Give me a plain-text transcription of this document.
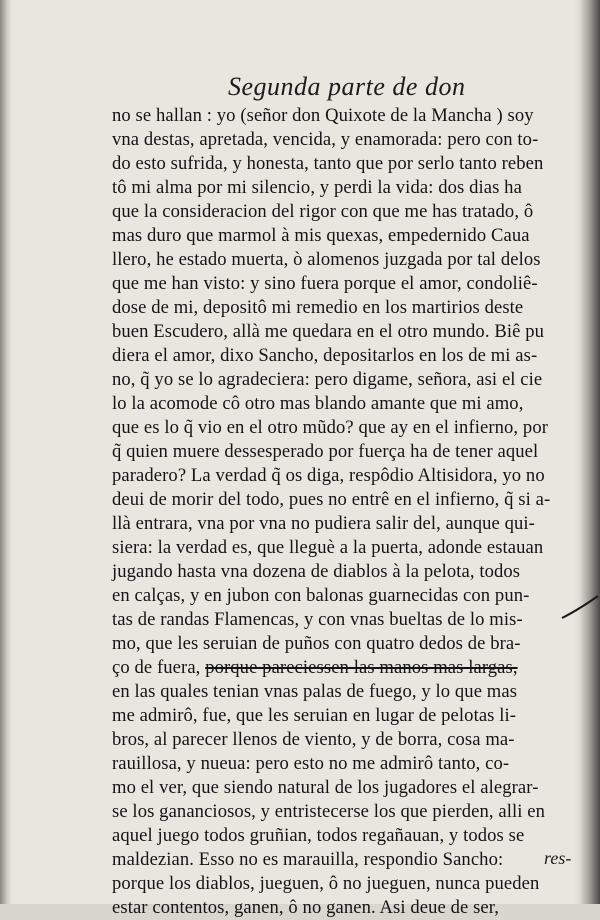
Segunda parte de don
no se hallan : yo (señor don Quixote de la Mancha ) soy
vna destas, apretada, vencida, y enamorada: pero con to-
do esto sufrida, y honesta, tanto que por serlo tanto reben
tô mi alma por mi silencio, y perdi la vida: dos dias ha
que la consideracion del rigor con que me has tratado, ô
mas duro que marmol à mis quexas, empedernido Caua
llero, he estado muerta, ò alomenos juzgada por tal delos
que me han visto: y sino fuera porque el amor, condoliê-
dose de mi, depositô mi remedio en los martirios deste
buen Escudero, allà me quedara en el otro mundo. Biê pu
diera el amor, dixo Sancho, depositarlos en los de mi as-
no, q̃ yo se lo agradeciera: pero digame, señora, asi el cie
lo la acomode cô otro mas blando amante que mi amo,
que es lo q̃ vio en el otro mũdo? que ay en el infierno, por
q̃ quien muere dessesperado por fuerça ha de tener aquel
paradero? La verdad q̃ os diga, respôdio Altisidora, yo no
deui de morir del todo, pues no entrê en el infierno, q̃ si a-
llà entrara, vna por vna no pudiera salir del, aunque qui-
siera: la verdad es, que lleguè a la puerta, adonde estauan
jugando hasta vna dozena de diablos à la pelota, todos
en calças, y en jubon con balonas guarnecidas con pun-
tas de randas Flamencas, y con vnas bueltas de lo mis-
mo, que les seruian de puños con quatro dedos de bra-
ço de fuera, porque pareciessen las manos mas largas,
en las quales tenian vnas palas de fuego, y lo que mas
me admirô, fue, que les seruian en lugar de pelotas li-
bros, al parecer llenos de viento, y de borra, cosa ma-
rauillosa, y nueua: pero esto no me admirô tanto, co-
mo el ver, que siendo natural de los jugadores el alegrar-
se los gananciosos, y entristecerse los que pierden, alli en
aquel juego todos gruñian, todos regañauan, y todos se
maldezian. Esso no es marauilla, respondio Sancho:
porque los diablos, jueguen, ô no jueguen, nunca pueden
estar contentos, ganen, ô no ganen. Asi deue de ser,
res-
